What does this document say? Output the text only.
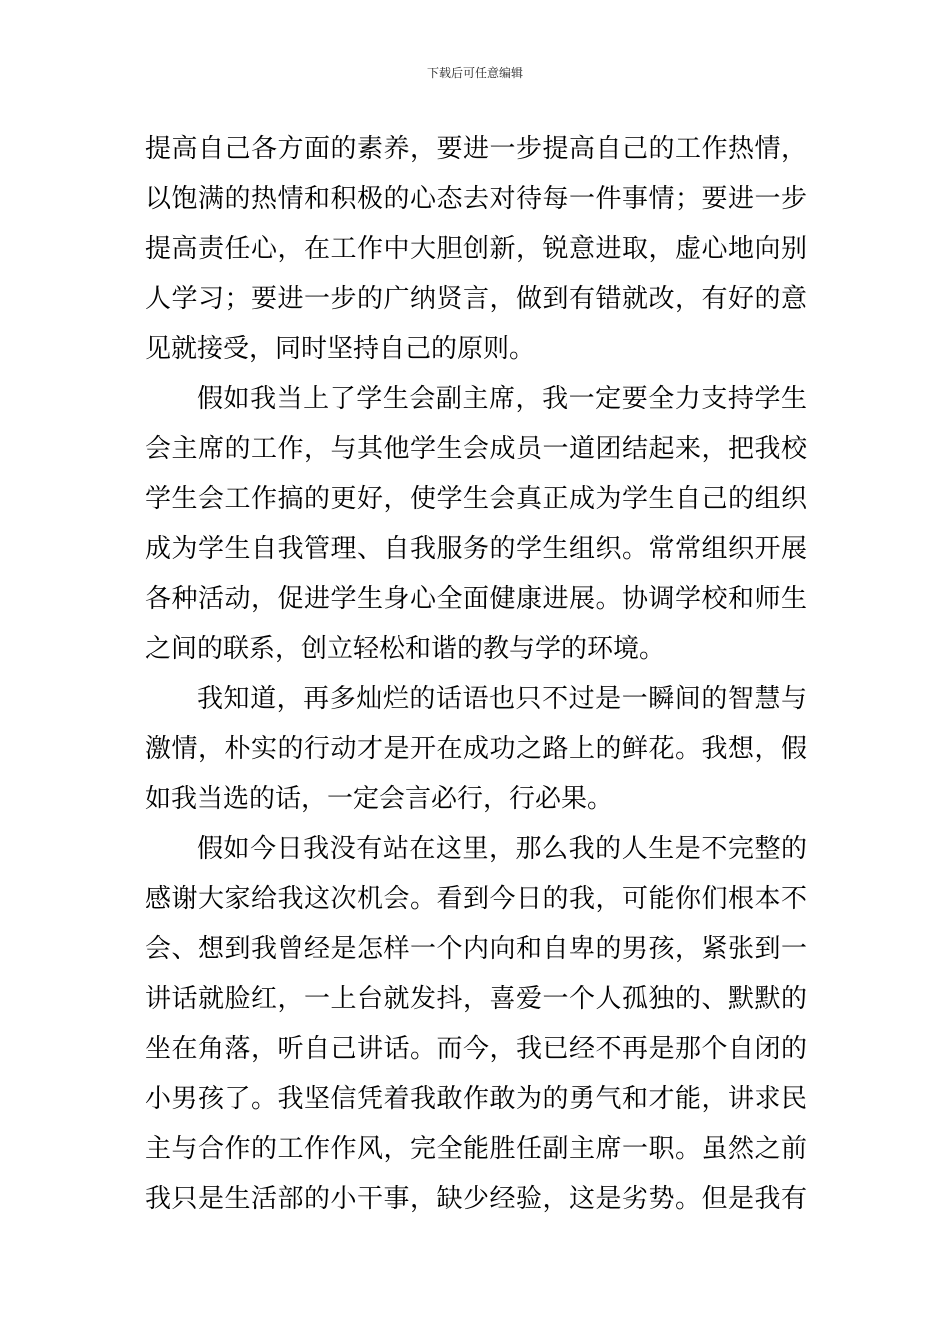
下载后可任意编辑
提高自己各方面的素养，要进一步提高自己的工作热情，
以饱满的热情和积极的心态去对待每一件事情；要进一步
提高责任心，在工作中大胆创新，锐意进取，虚心地向别
人学习；要进一步的广纳贤言，做到有错就改，有好的意
见就接受，同时坚持自己的原则。
假如我当上了学生会副主席，我一定要全力支持学生
会主席的工作，与其他学生会成员一道团结起来，把我校
学生会工作搞的更好，使学生会真正成为学生自己的组织
成为学生自我管理、自我服务的学生组织。常常组织开展
各种活动，促进学生身心全面健康进展。协调学校和师生
之间的联系，创立轻松和谐的教与学的环境。
我知道，再多灿烂的话语也只不过是一瞬间的智慧与
激情，朴实的行动才是开在成功之路上的鲜花。我想，假
如我当选的话，一定会言必行，行必果。
假如今日我没有站在这里，那么我的人生是不完整的
感谢大家给我这次机会。看到今日的我，可能你们根本不
会、想到我曾经是怎样一个内向和自卑的男孩，紧张到一
讲话就脸红，一上台就发抖，喜爱一个人孤独的、默默的
坐在角落，听自己讲话。而今，我已经不再是那个自闭的
小男孩了。我坚信凭着我敢作敢为的勇气和才能，讲求民
主与合作的工作作风，完全能胜任副主席一职。虽然之前
我只是生活部的小干事，缺少经验，这是劣势。但是我有
